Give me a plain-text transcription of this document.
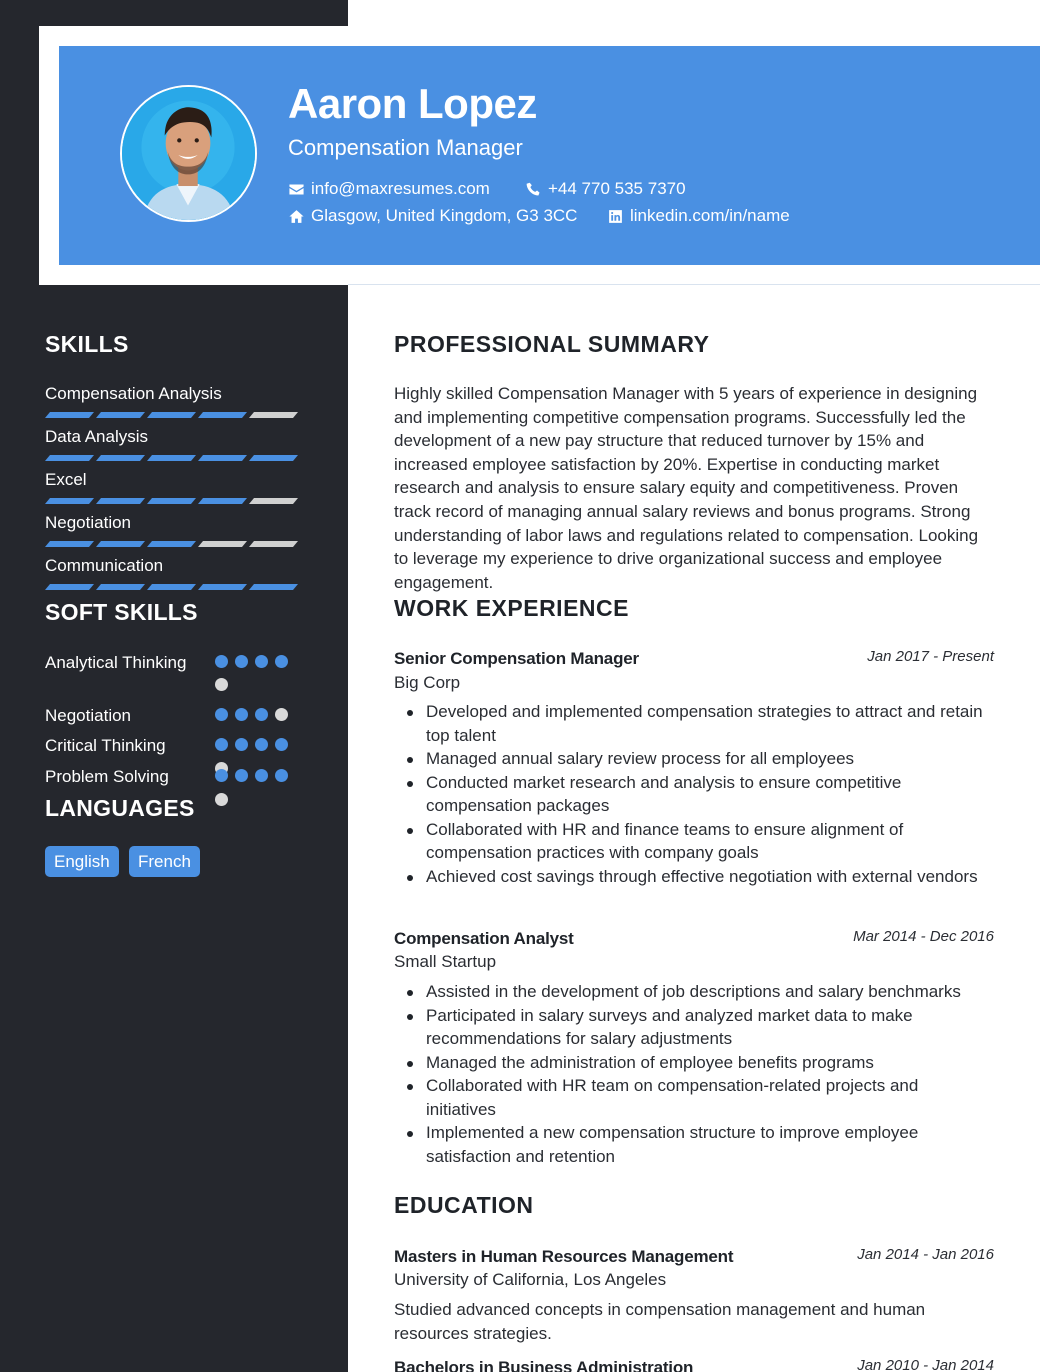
Aaron Lopez
Compensation Manager
info@maxresumes.com	+44 770 535 7370
Glasgow, United Kingdom, G3 3CC	linkedin.com/in/name
SKILLS
Compensation Analysis
Data Analysis
Excel
Negotiation
Communication
SOFT SKILLS
Analytical Thinking
Negotiation
Critical Thinking
Problem Solving
LANGUAGES
English	French
PROFESSIONAL SUMMARY

Highly skilled Compensation Manager with 5 years of experience in designing and implementing competitive compensation programs. Successfully led the development of a new pay structure that reduced turnover by 15% and increased employee satisfaction by 20%. Expertise in conducting market research and analysis to ensure salary equity and competitiveness. Proven track record of managing annual salary reviews and bonus programs. Strong understanding of labor laws and regulations related to compensation. Looking to leverage my experience to drive organizational success and employee engagement.

WORK EXPERIENCE
Senior Compensation Manager	Jan 2017 - Present
Big Corp
Developed and implemented compensation strategies to attract and retain top talent
Managed annual salary review process for all employees
Conducted market research and analysis to ensure competitive compensation packages
Collaborated with HR and finance teams to ensure alignment of compensation practices with company goals
Achieved cost savings through effective negotiation with external vendors
Compensation Analyst	Mar 2014 - Dec 2016
Small Startup
Assisted in the development of job descriptions and salary benchmarks
Participated in salary surveys and analyzed market data to make recommendations for salary adjustments
Managed the administration of employee benefits programs
Collaborated with HR team on compensation-related projects and initiatives
Implemented a new compensation structure to improve employee satisfaction and retention
EDUCATION
Masters in Human Resources Management	Jan 2014 - Jan 2016
University of California, Los Angeles

Studied advanced concepts in compensation management and human resources strategies.

Bachelors in Business Administration	Jan 2010 - Jan 2014
